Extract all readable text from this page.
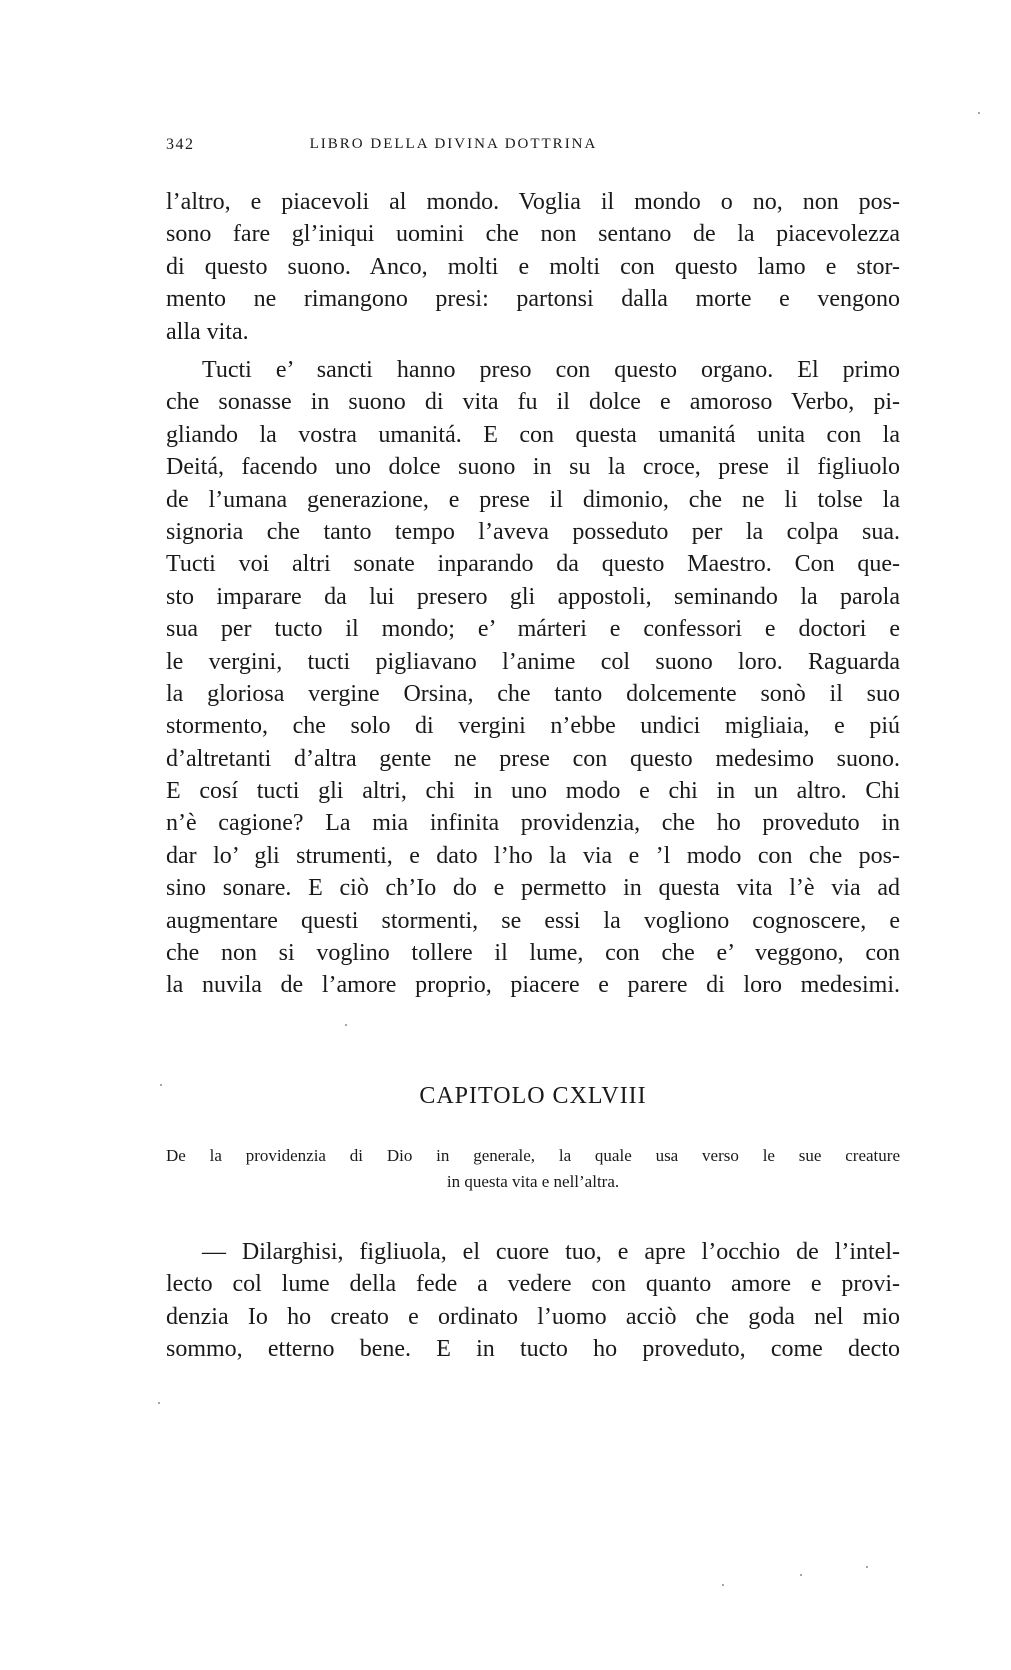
342	LIBRO DELLA DIVINA DOTTRINA
l’altro, e piacevoli al mondo. Voglia il mondo o no, non pos-
sono fare gl’iniqui uomini che non sentano de la piacevolezza
di questo suono. Anco, molti e molti con questo lamo e stor-
mento ne rimangono presi: partonsi dalla morte e vengono
alla vita.
Tucti e’ sancti hanno preso con questo organo. El primo
che sonasse in suono di vita fu il dolce e amoroso Verbo, pi-
gliando la vostra umanitá. E con questa umanitá unita con la
Deitá, facendo uno dolce suono in su la croce, prese il figliuolo
de l’umana generazione, e prese il dimonio, che ne li tolse la
signoria che tanto tempo l’aveva posseduto per la colpa sua.
Tucti voi altri sonate inparando da questo Maestro. Con que-
sto imparare da lui presero gli appostoli, seminando la parola
sua per tucto il mondo; e’ márteri e confessori e doctori e
le vergini, tucti pigliavano l’anime col suono loro. Raguarda
la gloriosa vergine Orsina, che tanto dolcemente sonò il suo
stormento, che solo di vergini n’ebbe undici migliaia, e piú
d’altretanti d’altra gente ne prese con questo medesimo suono.
E cosí tucti gli altri, chi in uno modo e chi in un altro. Chi
n’è cagione? La mia infinita providenzia, che ho proveduto in
dar lo’ gli strumenti, e dato l’ho la via e ’l modo con che pos-
sino sonare. E ciò ch’Io do e permetto in questa vita l’è via ad
augmentare questi stormenti, se essi la vogliono cognoscere, e
che non si voglino tollere il lume, con che e’ veggono, con
la nuvila de l’amore proprio, piacere e parere di loro medesimi.
CAPITOLO CXLVIII
De la providenzia di Dio in generale, la quale usa verso le sue creature
in questa vita e nell’altra.
— Dilarghisi, figliuola, el cuore tuo, e apre l’occhio de l’intel-
lecto col lume della fede a vedere con quanto amore e provi-
denzia Io ho creato e ordinato l’uomo acciò che goda nel mio
sommo, etterno bene. E in tucto ho proveduto, come decto
